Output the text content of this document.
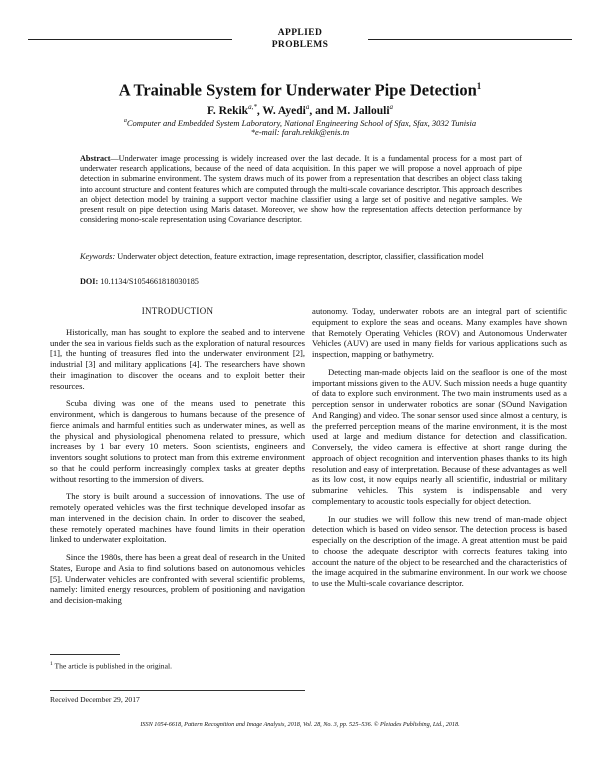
APPLIED
PROBLEMS
A Trainable System for Underwater Pipe Detection$^1$
F. Rekik$^{a,*}$, W. Ayedi$^a$, and M. Jallouli$^a$
$^a$Computer and Embedded System Laboratory, National Engineering School of Sfax, Sfax, 3032 Tunisia
*e-mail: farah.rekik@enis.tn
Abstract—Underwater image processing is widely increased over the last decade. It is a fundamental process for a most part of underwater research applications, because of the need of data acquisition. In this paper we will propose a novel approach of pipe detection in submarine environment. The system draws much of its power from a representation that describes an object class taking into account structure and content features which are computed through the multi-scale covariance descriptor. This approach describes an object detection model by training a support vector machine classifier using a large set of positive and negative samples. We present result on pipe detection using Maris dataset. Moreover, we show how the representation affects detection performance by considering mono-scale representation using Covariance descriptor.
Keywords: Underwater object detection, feature extraction, image representation, descriptor, classifier, classification model
DOI: 10.1134/S1054661818030185
INTRODUCTION

Historically, man has sought to explore the seabed and to intervene under the sea in various fields such as the exploration of natural resources [1], the hunting of treasures fled into the underwater environment [2], industrial [3] and military applications [4]. The researchers have shown their imagination to discover the oceans and to exploit better their resources.

Scuba diving was one of the means used to penetrate this environment, which is dangerous to humans because of the presence of fierce animals and harmful entities such as underwater mines, as well as the physical and physiological phenomena related to pressure, which increases by 1 bar every 10 meters. Soon scientists, engineers and inventors sought solutions to protect man from this extreme environment so that he could perform increasingly complex tasks at greater depths without resorting to the immersion of divers.

The story is built around a succession of innovations. The use of remotely operated vehicles was the first technique developed insofar as man intervened in the decision chain. In order to discover the seabed, these remotely operated machines have found limits in their operation linked to underwater exploitation.

Since the 1980s, there has been a great deal of research in the United States, Europe and Asia to find solutions based on autonomous vehicles [5]. Underwater vehicles are confronted with several scientific problems, namely: limited energy resources, problem of positioning and navigation and decision-making

autonomy. Today, underwater robots are an integral part of scientific equipment to explore the seas and oceans. Many examples have shown that Remotely Operating Vehicles (ROV) and Autonomous Underwater Vehicles (AUV) are used in many fields for various applications such as inspection, mapping or bathymetry.

Detecting man-made objects laid on the seafloor is one of the most important missions given to the AUV. Such mission needs a huge quantity of data to explore such environment. The two main instruments used as a perception sensor in underwater robotics are sonar (SOund Navigation And Ranging) and video. The sonar sensor used since almost a century, is the preferred perception means of the marine environment, it is the most used at large and medium distance for detection and classification. Conversely, the video camera is effective at short range during the approach of object recognition and intervention phases thanks to its high resolution and easy of interpretation. Because of these advantages as well as its low cost, it now equips nearly all scientific, industrial or military submarine vehicles. This system is indispensable and very complementary to acoustic tools especially for object detection.

In our studies we will follow this new trend of man-made object detection which is based on video sensor. The detection process is based especially on the description of the image. A great attention must be paid to choose the adequate descriptor with corrects features taking into account the nature of the object to be researched and the characteristics of the image acquired in the submarine environment. In our work we choose to use the Multi-scale covariance descriptor.

$^1$ The article is published in the original.
Received December 29, 2017
ISSN 1054-6618, Pattern Recognition and Image Analysis, 2018, Vol. 28, No. 3, pp. 525–536. © Pleiades Publishing, Ltd., 2018.
